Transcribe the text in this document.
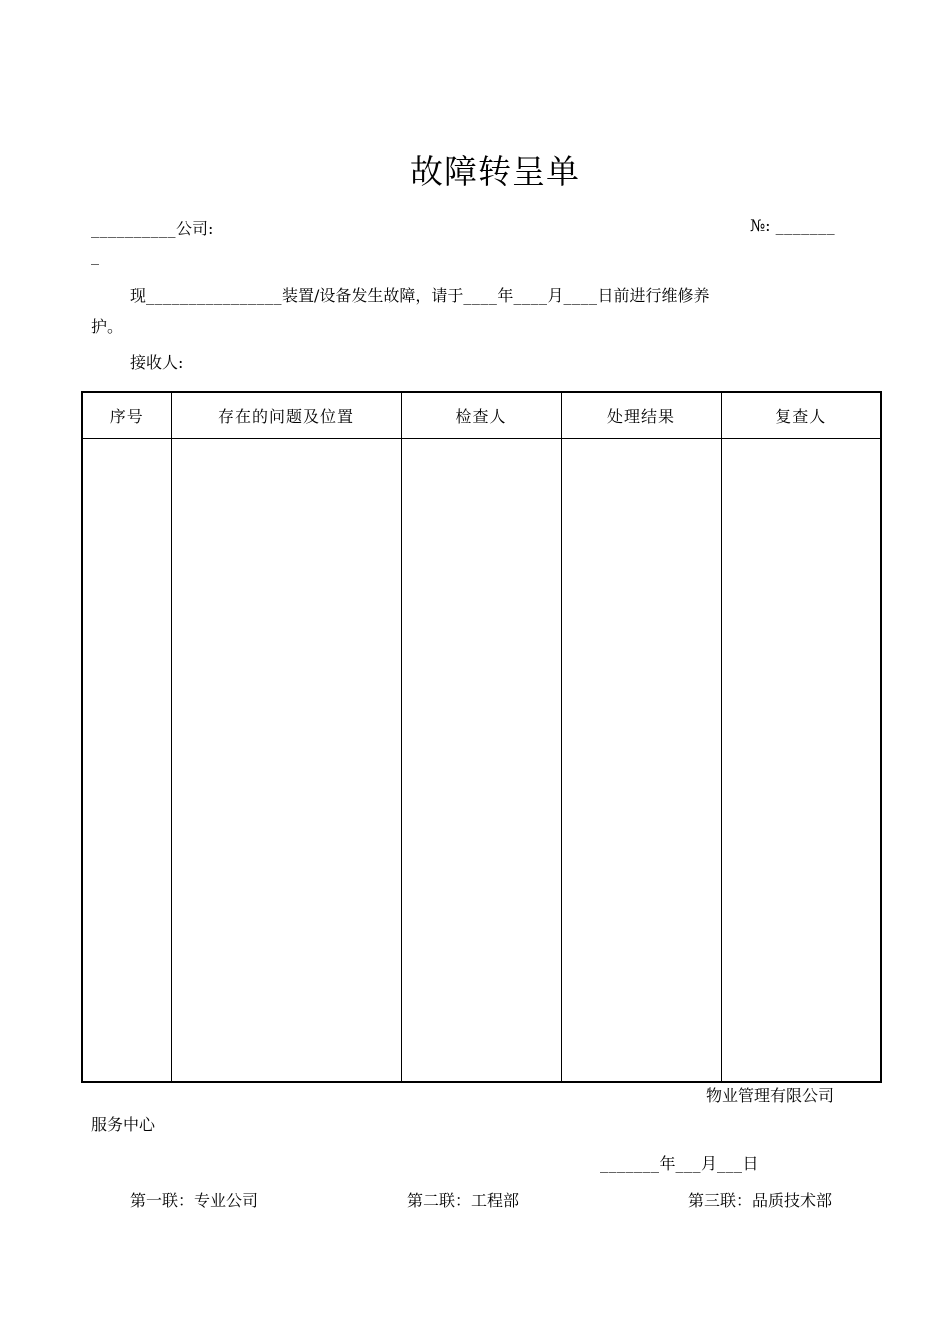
故障转呈单
__________公司:	№: _______
_
现________________装置/设备发生故障，请于____年____月____日前进行维修养
护。
接收人:
序号	存在的问题及位置	检查人	处理结果	复查人

物业管理有限公司
服务中心
_______年___月___日
第一联：专业公司	第二联：工程部	第三联：品质技术部
